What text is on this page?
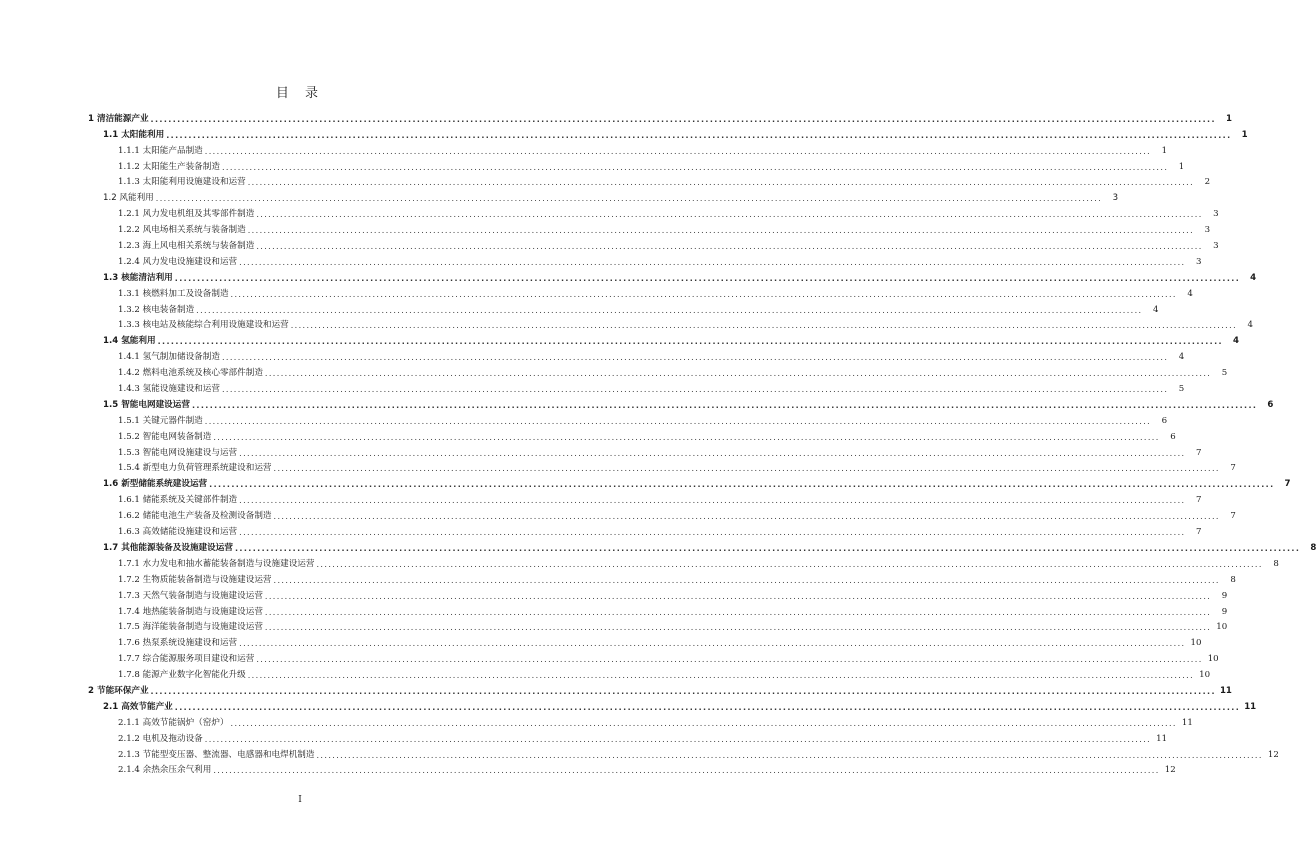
目 录
1 清洁能源产业 ................................................................................................................................................................................................................................................	1
1.1 太阳能利用 ................................................................................................................................................................................................................................................	1
1.1.1 太阳能产品制造 ................................................................................................................................................................................................................................................	1
1.1.2 太阳能生产装备制造 ................................................................................................................................................................................................................................................	1
1.1.3 太阳能利用设施建设和运营 ................................................................................................................................................................................................................................................	2
1.2 风能利用 ................................................................................................................................................................................................................................................	3
1.2.1 风力发电机组及其零部件制造 ................................................................................................................................................................................................................................................	3
1.2.2 风电场相关系统与装备制造 ................................................................................................................................................................................................................................................	3
1.2.3 海上风电相关系统与装备制造 ................................................................................................................................................................................................................................................	3
1.2.4 风力发电设施建设和运营 ................................................................................................................................................................................................................................................	3
1.3 核能清洁利用 ................................................................................................................................................................................................................................................	4
1.3.1 核燃料加工及设备制造 ................................................................................................................................................................................................................................................	4
1.3.2 核电装备制造 ................................................................................................................................................................................................................................................	4
1.3.3 核电站及核能综合利用设施建设和运营 ................................................................................................................................................................................................................................................	4
1.4 氢能利用 ................................................................................................................................................................................................................................................	4
1.4.1 氢气制加储设备制造 ................................................................................................................................................................................................................................................	4
1.4.2 燃料电池系统及核心零部件制造 ................................................................................................................................................................................................................................................	5
1.4.3 氢能设施建设和运营 ................................................................................................................................................................................................................................................	5
1.5 智能电网建设运营 ................................................................................................................................................................................................................................................	6
1.5.1 关键元器件制造 ................................................................................................................................................................................................................................................	6
1.5.2 智能电网装备制造 ................................................................................................................................................................................................................................................	6
1.5.3 智能电网设施建设与运营 ................................................................................................................................................................................................................................................	7
1.5.4 新型电力负荷管理系统建设和运营 ................................................................................................................................................................................................................................................	7
1.6 新型储能系统建设运营 ................................................................................................................................................................................................................................................	7
1.6.1 储能系统及关键部件制造 ................................................................................................................................................................................................................................................	7
1.6.2 储能电池生产装备及检测设备制造 ................................................................................................................................................................................................................................................	7
1.6.3 高效储能设施建设和运营 ................................................................................................................................................................................................................................................	7
1.7 其他能源装备及设施建设运营 ................................................................................................................................................................................................................................................	8
1.7.1 水力发电和抽水蓄能装备制造与设施建设运营 ................................................................................................................................................................................................................................................	8
1.7.2 生物质能装备制造与设施建设运营 ................................................................................................................................................................................................................................................	8
1.7.3 天然气装备制造与设施建设运营 ................................................................................................................................................................................................................................................	9
1.7.4 地热能装备制造与设施建设运营 ................................................................................................................................................................................................................................................	9
1.7.5 海洋能装备制造与设施建设运营 ................................................................................................................................................................................................................................................ 10
1.7.6 热泵系统设施建设和运营 ................................................................................................................................................................................................................................................ 10
1.7.7 综合能源服务项目建设和运营 ................................................................................................................................................................................................................................................ 10
1.7.8 能源产业数字化智能化升级 ................................................................................................................................................................................................................................................ 10
2 节能环保产业 ................................................................................................................................................................................................................................................ 11
2.1 高效节能产业 ................................................................................................................................................................................................................................................ 11
2.1.1 高效节能锅炉（窑炉） ................................................................................................................................................................................................................................................ 11
2.1.2 电机及拖动设备 ................................................................................................................................................................................................................................................ 11
2.1.3 节能型变压器、整流器、电感器和电焊机制造 ................................................................................................................................................................................................................................................ 12
2.1.4 余热余压余气利用 ................................................................................................................................................................................................................................................ 12
I
